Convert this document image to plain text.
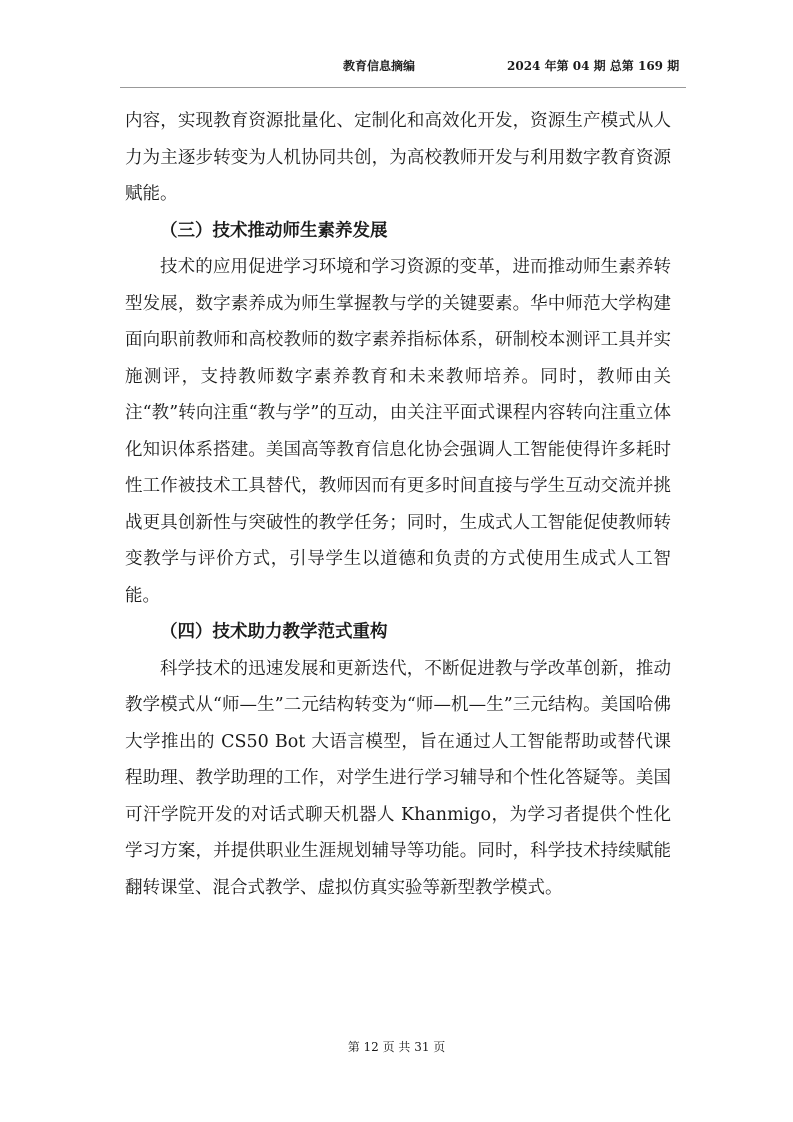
教育信息摘编	2024 年第 04 期 总第 169 期

内容，实现教育资源批量化、定制化和高效化开发，资源生产模式从人力为主逐步转变为人机协同共创，为高校教师开发与利用数字教育资源赋能。

（三）技术推动师生素养发展

技术的应用促进学习环境和学习资源的变革，进而推动师生素养转型发展，数字素养成为师生掌握教与学的关键要素。华中师范大学构建面向职前教师和高校教师的数字素养指标体系，研制校本测评工具并实施测评，支持教师数字素养教育和未来教师培养。同时，教师由关注“教”转向注重“教与学”的互动，由关注平面式课程内容转向注重立体化知识体系搭建。美国高等教育信息化协会强调人工智能使得许多耗时性工作被技术工具替代，教师因而有更多时间直接与学生互动交流并挑战更具创新性与突破性的教学任务；同时，生成式人工智能促使教师转变教学与评价方式，引导学生以道德和负责的方式使用生成式人工智能。

（四）技术助力教学范式重构

科学技术的迅速发展和更新迭代，不断促进教与学改革创新，推动教学模式从“师—生”二元结构转变为“师—机—生”三元结构。美国哈佛大学推出的 CS50 Bot 大语言模型，旨在通过人工智能帮助或替代课程助理、教学助理的工作，对学生进行学习辅导和个性化答疑等。美国可汗学院开发的对话式聊天机器人 Khanmigo，为学习者提供个性化学习方案，并提供职业生涯规划辅导等功能。同时，科学技术持续赋能翻转课堂、混合式教学、虚拟仿真实验等新型教学模式。

第 12 页 共 31 页
